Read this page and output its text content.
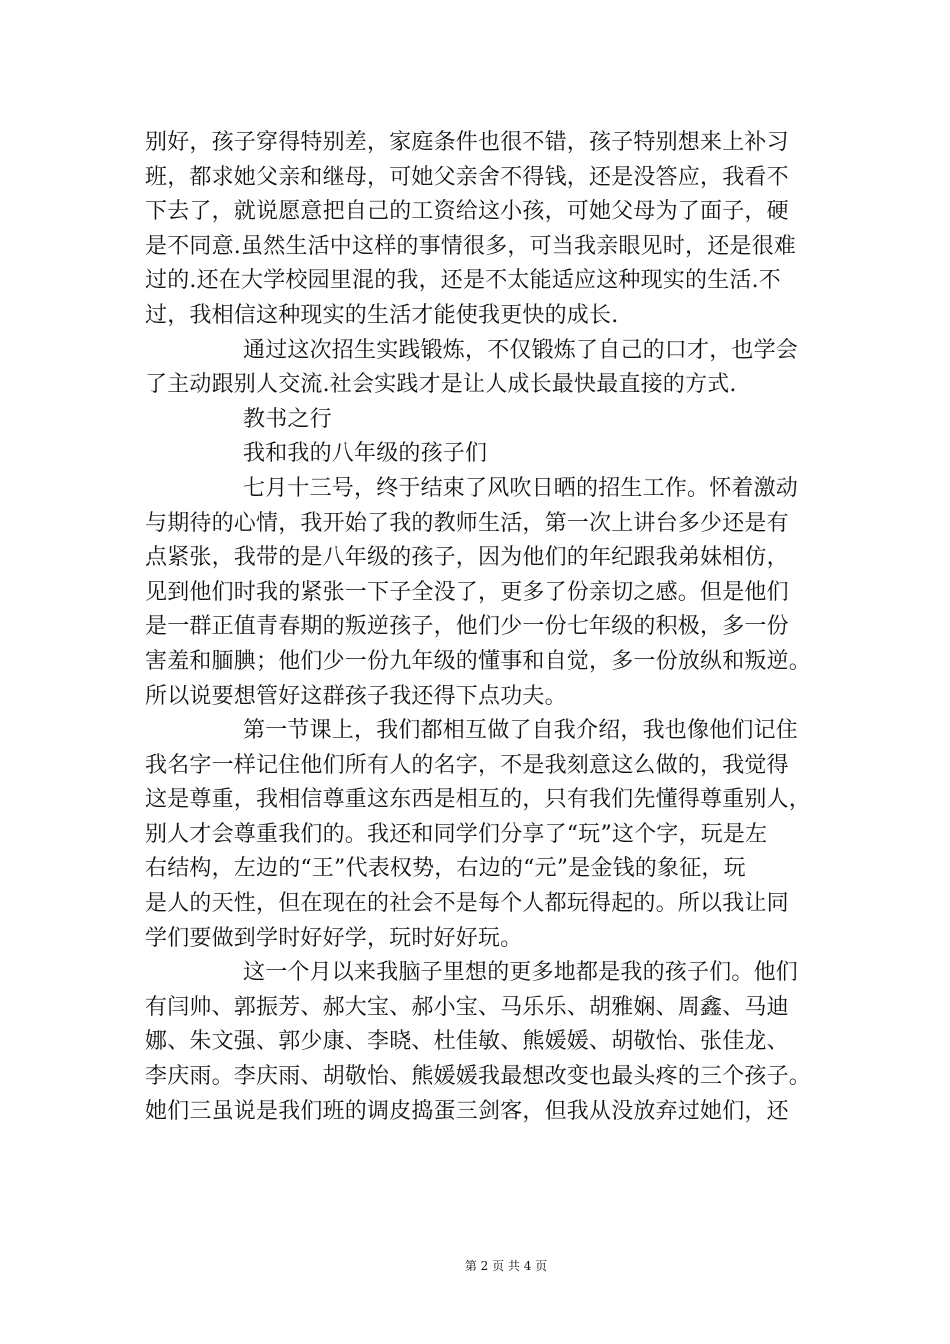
别好，孩子穿得特别差，家庭条件也很不错，孩子特别想来上补习
班，都求她父亲和继母，可她父亲舍不得钱，还是没答应，我看不
下去了，就说愿意把自己的工资给这小孩，可她父母为了面子，硬
是不同意.虽然生活中这样的事情很多，可当我亲眼见时，还是很难
过的.还在大学校园里混的我，还是不太能适应这种现实的生活.不
过，我相信这种现实的生活才能使我更快的成长.
通过这次招生实践锻炼，不仅锻炼了自己的口才，也学会
了主动跟别人交流.社会实践才是让人成长最快最直接的方式.
教书之行
我和我的八年级的孩子们
七月十三号，终于结束了风吹日晒的招生工作。怀着激动
与期待的心情，我开始了我的教师生活，第一次上讲台多少还是有
点紧张，我带的是八年级的孩子，因为他们的年纪跟我弟妹相仿，
见到他们时我的紧张一下子全没了，更多了份亲切之感。但是他们
是一群正值青春期的叛逆孩子，他们少一份七年级的积极，多一份
害羞和腼腆；他们少一份九年级的懂事和自觉，多一份放纵和叛逆。
所以说要想管好这群孩子我还得下点功夫。
第一节课上，我们都相互做了自我介绍，我也像他们记住
我名字一样记住他们所有人的名字，不是我刻意这么做的，我觉得
这是尊重，我相信尊重这东西是相互的，只有我们先懂得尊重别人，
别人才会尊重我们的。我还和同学们分享了“玩”这个字，玩是左
右结构，左边的“王”代表权势，右边的“元”是金钱的象征，玩
是人的天性，但在现在的社会不是每个人都玩得起的。所以我让同
学们要做到学时好好学，玩时好好玩。
这一个月以来我脑子里想的更多地都是我的孩子们。他们
有闫帅、郭振芳、郝大宝、郝小宝、马乐乐、胡雅娴、周鑫、马迪
娜、朱文强、郭少康、李晓、杜佳敏、熊媛媛、胡敬怡、张佳龙、
李庆雨。李庆雨、胡敬怡、熊媛媛我最想改变也最头疼的三个孩子。
她们三虽说是我们班的调皮捣蛋三剑客，但我从没放弃过她们，还
第 2 页 共 4 页
